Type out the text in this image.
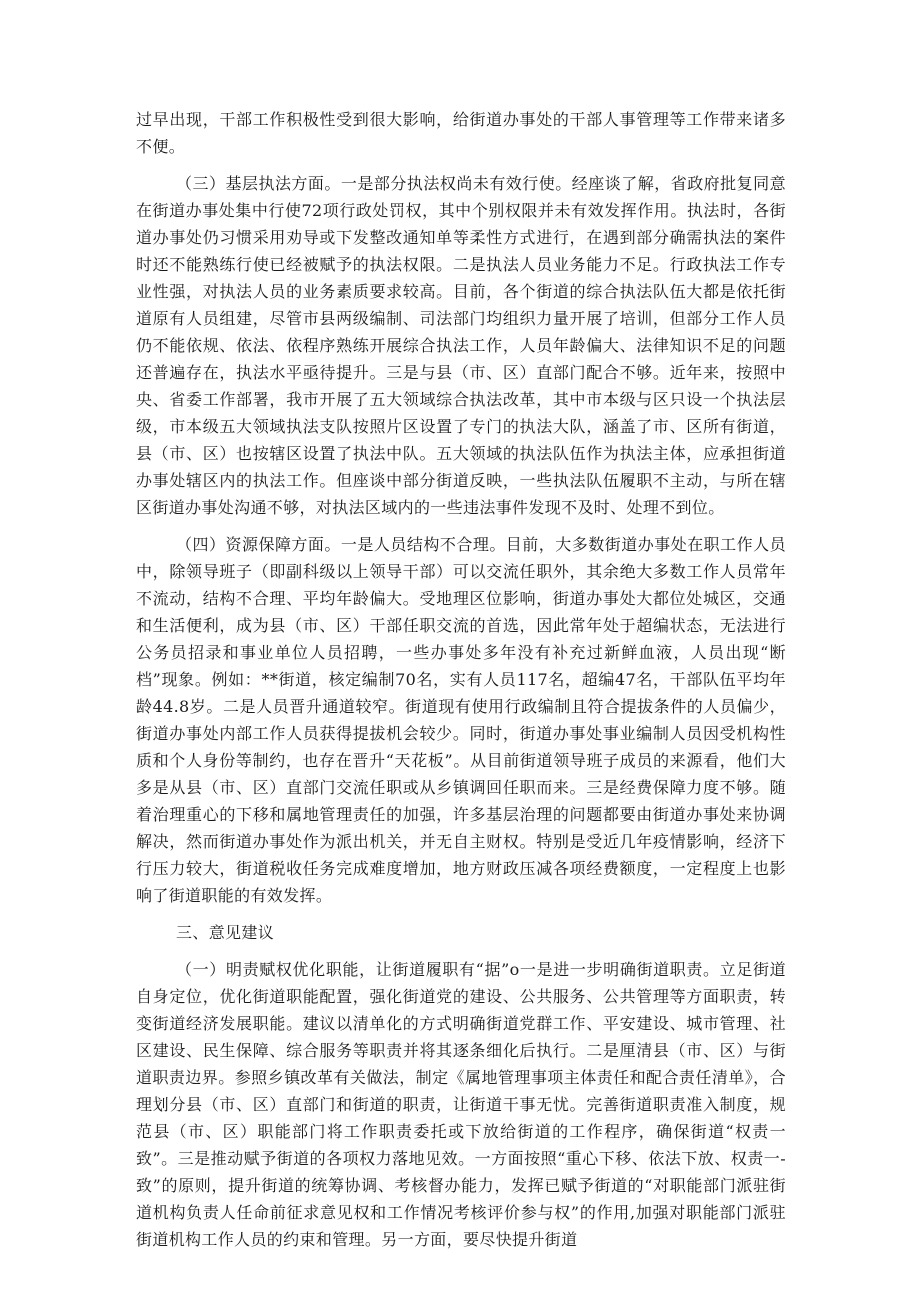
过早出现，干部工作积极性受到很大影响，给街道办事处的干部人事管理等工作带来诸多不便。

（三）基层执法方面。一是部分执法权尚未有效行使。经座谈了解，省政府批复同意在街道办事处集中行使72项行政处罚权，其中个别权限并未有效发挥作用。执法时，各街道办事处仍习惯采用劝导或下发整改通知单等柔性方式进行，在遇到部分确需执法的案件时还不能熟练行使已经被赋予的执法权限。二是执法人员业务能力不足。行政执法工作专业性强，对执法人员的业务素质要求较高。目前，各个街道的综合执法队伍大都是依托街道原有人员组建，尽管市县两级编制、司法部门均组织力量开展了培训，但部分工作人员仍不能依规、依法、依程序熟练开展综合执法工作，人员年龄偏大、法律知识不足的问题还普遍存在，执法水平亟待提升。三是与县（市、区）直部门配合不够。近年来，按照中央、省委工作部署，我市开展了五大领域综合执法改革，其中市本级与区只设一个执法层级，市本级五大领域执法支队按照片区设置了专门的执法大队，涵盖了市、区所有街道，县（市、区）也按辖区设置了执法中队。五大领域的执法队伍作为执法主体，应承担街道办事处辖区内的执法工作。但座谈中部分街道反映，一些执法队伍履职不主动，与所在辖区街道办事处沟通不够，对执法区域内的一些违法事件发现不及时、处理不到位。

（四）资源保障方面。一是人员结构不合理。目前，大多数街道办事处在职工作人员中，除领导班子（即副科级以上领导干部）可以交流任职外，其余绝大多数工作人员常年不流动，结构不合理、平均年龄偏大。受地理区位影响，街道办事处大都位处城区，交通和生活便利，成为县（市、区）干部任职交流的首选，因此常年处于超编状态，无法进行公务员招录和事业单位人员招聘，一些办事处多年没有补充过新鲜血液，人员出现“断档”现象。例如：**街道，核定编制70名，实有人员117名，超编47名，干部队伍平均年龄44.8岁。二是人员晋升通道较窄。街道现有使用行政编制且符合提拔条件的人员偏少，街道办事处内部工作人员获得提拔机会较少。同时，街道办事处事业编制人员因受机构性质和个人身份等制约，也存在晋升“天花板”。从目前街道领导班子成员的来源看，他们大多是从县（市、区）直部门交流任职或从乡镇调回任职而来。三是经费保障力度不够。随着治理重心的下移和属地管理责任的加强，许多基层治理的问题都要由街道办事处来协调解决，然而街道办事处作为派出机关，并无自主财权。特别是受近几年疫情影响，经济下行压力较大，街道税收任务完成难度增加，地方财政压减各项经费额度，一定程度上也影响了街道职能的有效发挥。

三、意见建议

（一）明责赋权优化职能，让街道履职有“据”o一是进一步明确街道职责。立足街道自身定位，优化街道职能配置，强化街道党的建设、公共服务、公共管理等方面职责，转变街道经济发展职能。建议以清单化的方式明确街道党群工作、平安建设、城市管理、社区建设、民生保障、综合服务等职责并将其逐条细化后执行。二是厘清县（市、区）与街道职责边界。参照乡镇改革有关做法，制定《属地管理事项主体责任和配合责任清单》，合理划分县（市、区）直部门和街道的职责，让街道干事无忧。完善街道职责准入制度，规范县（市、区）职能部门将工作职责委托或下放给街道的工作程序，确保街道“权责一致”。三是推动赋予街道的各项权力落地见效。一方面按照“重心下移、依法下放、权责一-致”的原则，提升街道的统筹协调、考核督办能力，发挥已赋予街道的“对职能部门派驻街道机构负责人任命前征求意见权和工作情况考核评价参与权”的作用,加强对职能部门派驻街道机构工作人员的约束和管理。另一方面，要尽快提升街道
